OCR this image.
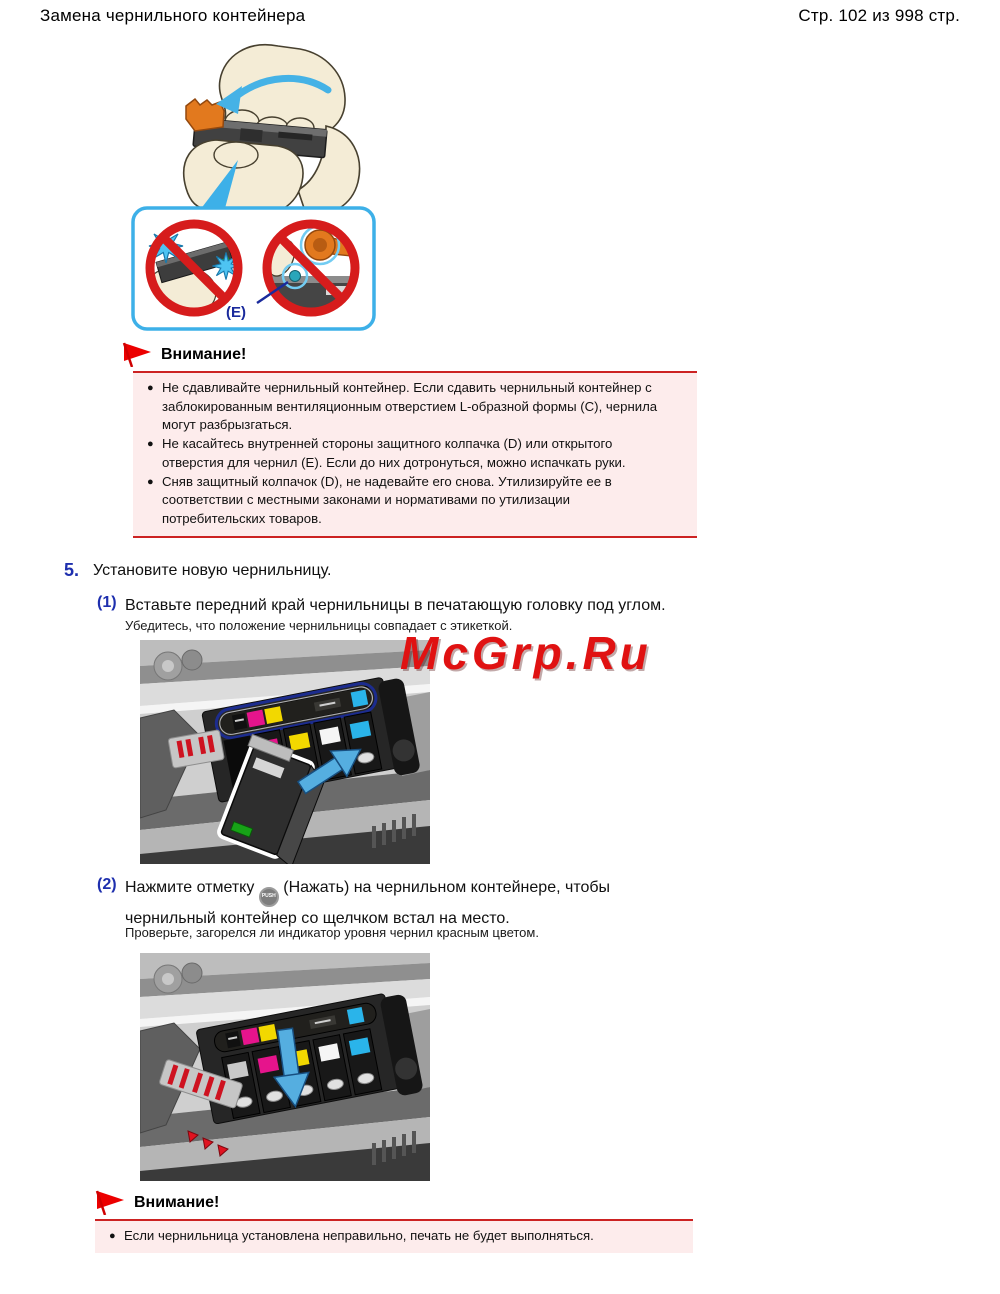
Замена чернильного контейнера	Стр. 102 из 998 стр.
(E)
Внимание!
● Не сдавливайте чернильный контейнер. Если сдавить чернильный контейнер с заблокированным вентиляционным отверстием L-образной формы (C), чернила могут разбрызгаться.
● Не касайтесь внутренней стороны защитного колпачка (D) или открытого отверстия для чернил (E). Если до них дотронуться, можно испачкать руки.
● Сняв защитный колпачок (D), не надевайте его снова. Утилизируйте ее в соответствии с местными законами и нормативами по утилизации потребительских товаров.
5. Установите новую чернильницу.
(1) Вставьте передний край чернильницы в печатающую головку под углом.
Убедитесь, что положение чернильницы совпадает с этикеткой.
McGrp.Ru
(2) Нажмите отметку PUSH (Нажать) на чернильном контейнере, чтобы
чернильный контейнер со щелчком встал на место.
Проверьте, загорелся ли индикатор уровня чернил красным цветом.
Внимание!
● Если чернильница установлена неправильно, печать не будет выполняться.
